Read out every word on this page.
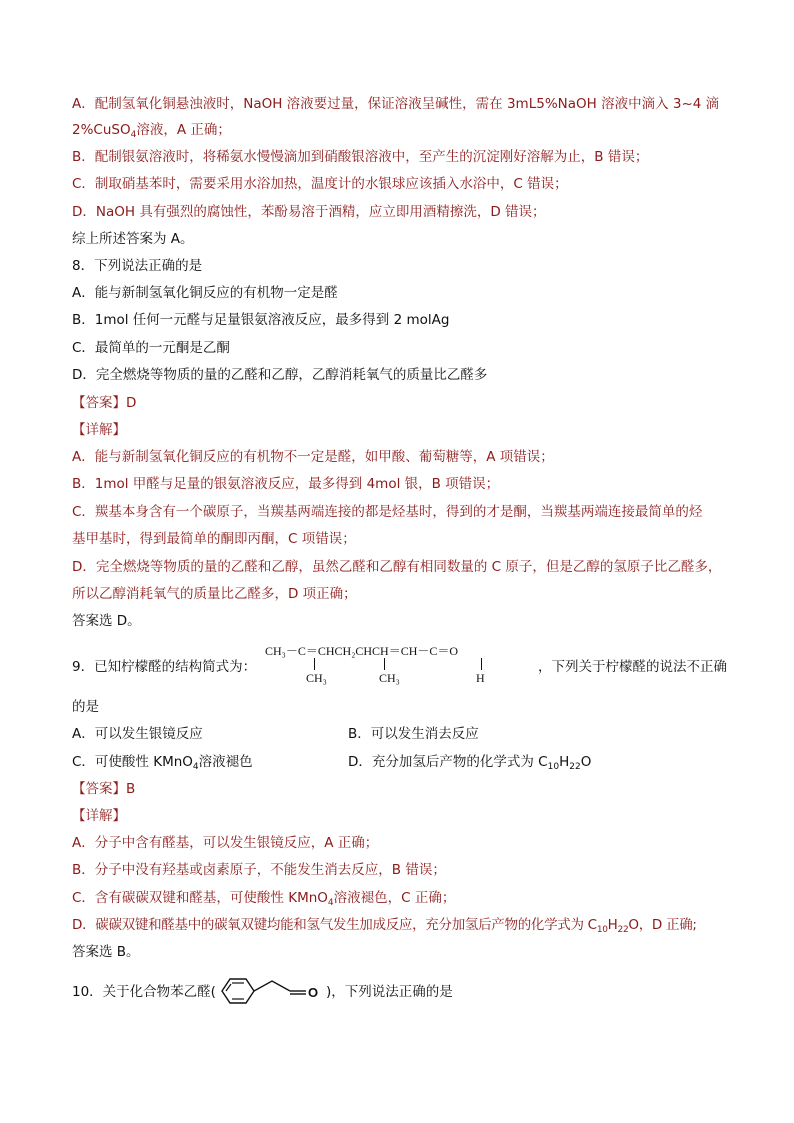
A．配制氢氧化铜悬浊液时，NaOH 溶液要过量，保证溶液呈碱性，需在 3mL5%NaOH 溶液中滴入 3~4 滴
2%CuSO$_4$溶液，A 正确；
B．配制银氨溶液时，将稀氨水慢慢滴加到硝酸银溶液中，至产生的沉淀刚好溶解为止，B 错误；
C．制取硝基苯时，需要采用水浴加热，温度计的水银球应该插入水浴中，C 错误；
D．NaOH 具有强烈的腐蚀性，苯酚易溶于酒精，应立即用酒精擦洗，D 错误；
综上所述答案为 A。
8．下列说法正确的是
A．能与新制氢氧化铜反应的有机物一定是醛
B．1mol 任何一元醛与足量银氨溶液反应，最多得到 2 molAg
C．最简单的一元酮是乙酮
D．完全燃烧等物质的量的乙醛和乙醇，乙醇消耗氧气的质量比乙醛多
【答案】D
【详解】
A．能与新制氢氧化铜反应的有机物不一定是醛，如甲酸、葡萄糖等，A 项错误；
B．1mol 甲醛与足量的银氨溶液反应，最多得到 4mol 银，B 项错误；
C．羰基本身含有一个碳原子，当羰基两端连接的都是烃基时，得到的才是酮，当羰基两端连接最简单的烃
基甲基时，得到最简单的酮即丙酮，C 项错误；
D．完全燃烧等物质的量的乙醛和乙醇，虽然乙醛和乙醇有相同数量的 C 原子，但是乙醇的氢原子比乙醛多，
所以乙醇消耗氧气的质量比乙醛多，D 项正确；
答案选 D。
9．已知柠檬醛的结构简式为：
CH₃－C＝CHCH₂CHCH＝CH－C＝O
CH₃	CH₃	H
，下列关于柠檬醛的说法不正确
的是
A．可以发生银镜反应	B．可以发生消去反应
C．可使酸性 KMnO$_4$溶液褪色	D．充分加氢后产物的化学式为 $C_{10}H_{22}O$
【答案】B
【详解】
A．分子中含有醛基，可以发生银镜反应，A 正确；
B．分子中没有羟基或卤素原子，不能发生消去反应，B 错误；
C．含有碳碳双键和醛基，可使酸性 KMnO$_4$溶液褪色，C 正确；
D．碳碳双键和醛基中的碳氧双键均能和氢气发生加成反应，充分加氢后产物的化学式为 $C_{10}H_{22}O$，D 正确;
答案选 B。
10．关于化合物苯乙醛(	O )，下列说法正确的是
